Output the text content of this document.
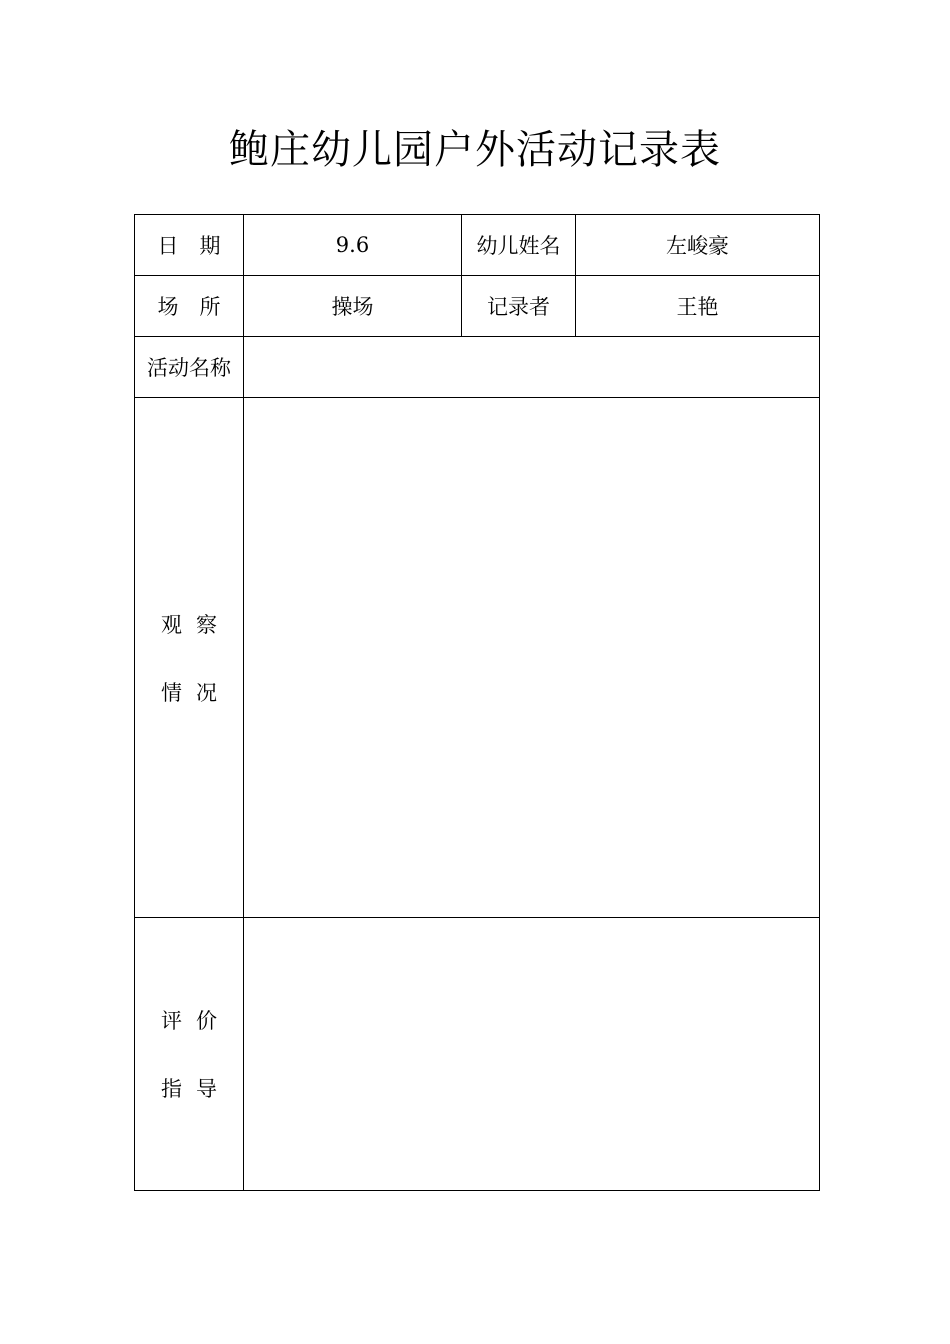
鲍庄幼儿园户外活动记录表
日　期	9.6	幼儿姓名	左峻豪
场　所	操场	记录者	王艳
活动名称			

观察
情况			

评价
指导			
